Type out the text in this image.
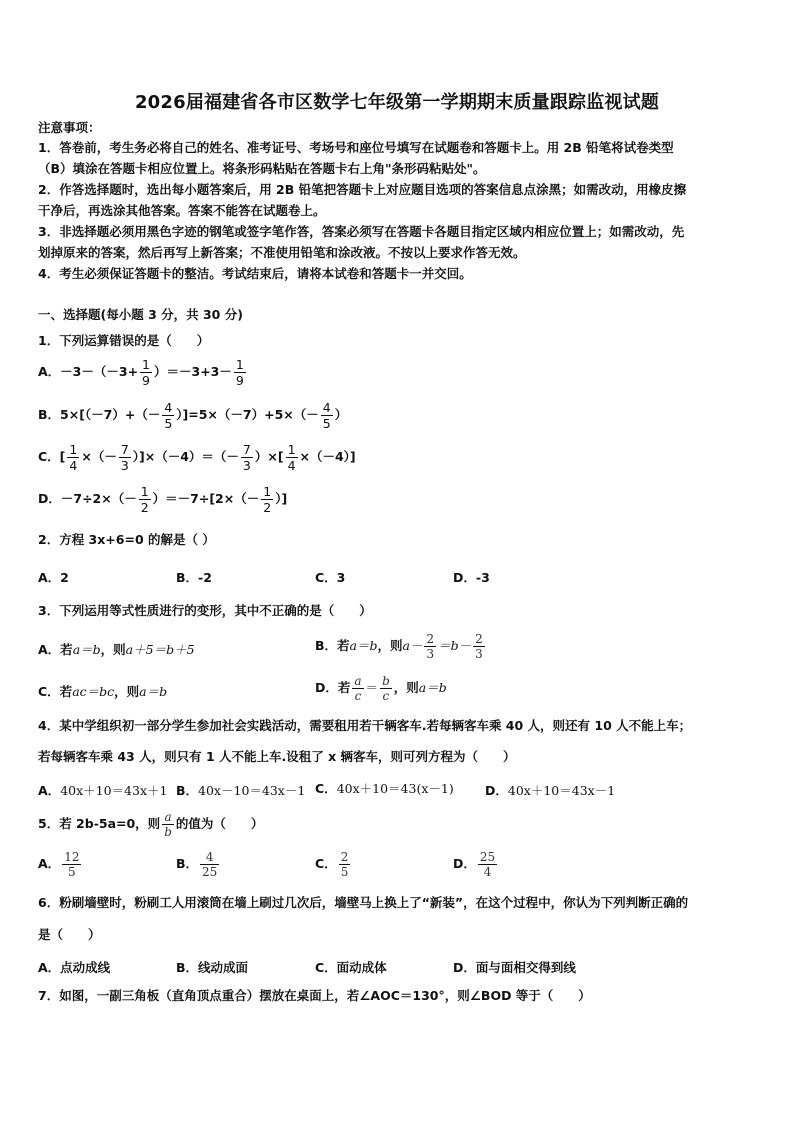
2026届福建省各市区数学七年级第一学期期末质量跟踪监视试题
注意事项：
1．答卷前，考生务必将自己的姓名、准考证号、考场号和座位号填写在试题卷和答题卡上。用 2B 铅笔将试卷类型
（B）填涂在答题卡相应位置上。将条形码粘贴在答题卡右上角"条形码粘贴处"。
2．作答选择题时，选出每小题答案后，用 2B 铅笔把答题卡上对应题目选项的答案信息点涂黑；如需改动，用橡皮擦
干净后，再选涂其他答案。答案不能答在试题卷上。
3．非选择题必须用黑色字迹的钢笔或签字笔作答，答案必须写在答题卡各题目指定区域内相应位置上；如需改动，先
划掉原来的答案，然后再写上新答案；不准使用铅笔和涂改液。不按以上要求作答无效。
4．考生必须保证答题卡的整洁。考试结束后，请将本试卷和答题卡一并交回。
一、选择题(每小题 3 分，共 30 分)
1．下列运算错误的是（　　）
A．$-3-(-3+ \frac{1}{9} )=-3+3- \frac{1}{9}$
B．$5\times[(-7)+(- \frac{4}{5} )]=5\times(-7)+5\times(- \frac{4}{5}$ ）
C．[ $\frac{1}{4}$ ×（－ $\frac{7}{3} )]\times(-4)=(- \frac{7}{3}$ ）×[ $\frac{1}{4} \times(-4)$]
D．$-7\div 2\times(- \frac{1}{2} )=-7\div[2\times(- \frac{1}{2}$ ）]
2．方程 3x+6=0 的解是（ ）
A．2	B．-2	C．3	D．-3
3．下列运用等式性质进行的变形，其中不正确的是（　　）
A．若a＝b，则a＋5＝b＋5	B．若a＝b，则$a- \frac{2}{3} =b- \frac{2}{3}$
C．若ac＝bc，则a＝b	D．若 $\frac{a}{c} = \frac{b}{c}$ ，则a＝b
4．某中学组织初一部分学生参加社会实践活动，需要租用若干辆客车.若每辆客车乘 40 人，则还有 10 人不能上车；
若每辆客车乘 43 人，则只有 1 人不能上车.设租了 x 辆客车，则可列方程为（　　）
A．40x＋10＝43x＋1 B．40x－10＝43x－1 C．40x＋10＝43(x－1)	D．40x＋10＝43x－1
5．若 2b-5a=0，则 $\frac{a}{b}$ 的值为（　　）
A． $\frac{12}{5}$	B． $\frac{4}{25}$	C． $\frac{2}{5}$	D． $\frac{25}{4}$
6．粉刷墙壁时，粉刷工人用滚筒在墙上刷过几次后，墙壁马上换上了“新装”，在这个过程中，你认为下列判断正确的
是（　　）
A．点动成线	B．线动成面	C．面动成体	D．面与面相交得到线
7．如图，一副三角板（直角顶点重合）摆放在桌面上，若∠AOC＝130°，则∠BOD 等于（　　）
